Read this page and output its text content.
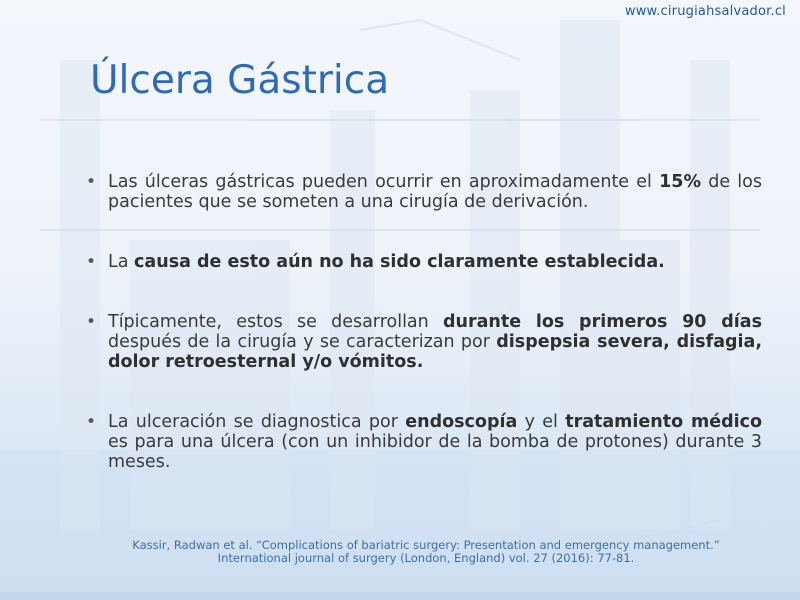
www.cirugiahsalvador.cl
Úlcera Gástrica
• Las úlceras gástricas pueden ocurrir en aproximadamente el 15% de los pacientes que se someten a una cirugía de derivación.
• La causa de esto aún no ha sido claramente establecida.
• Típicamente, estos se desarrollan durante los primeros 90 días después de la cirugía y se caracterizan por dispepsia severa, disfagia, dolor retroesternal y/o vómitos.
• La ulceración se diagnostica por endoscopía y el tratamiento médico es para una úlcera (con un inhibidor de la bomba de protones) durante 3 meses.
Kassir, Radwan et al. “Complications of bariatric surgery: Presentation and emergency management.”
International journal of surgery (London, England) vol. 27 (2016): 77-81.
